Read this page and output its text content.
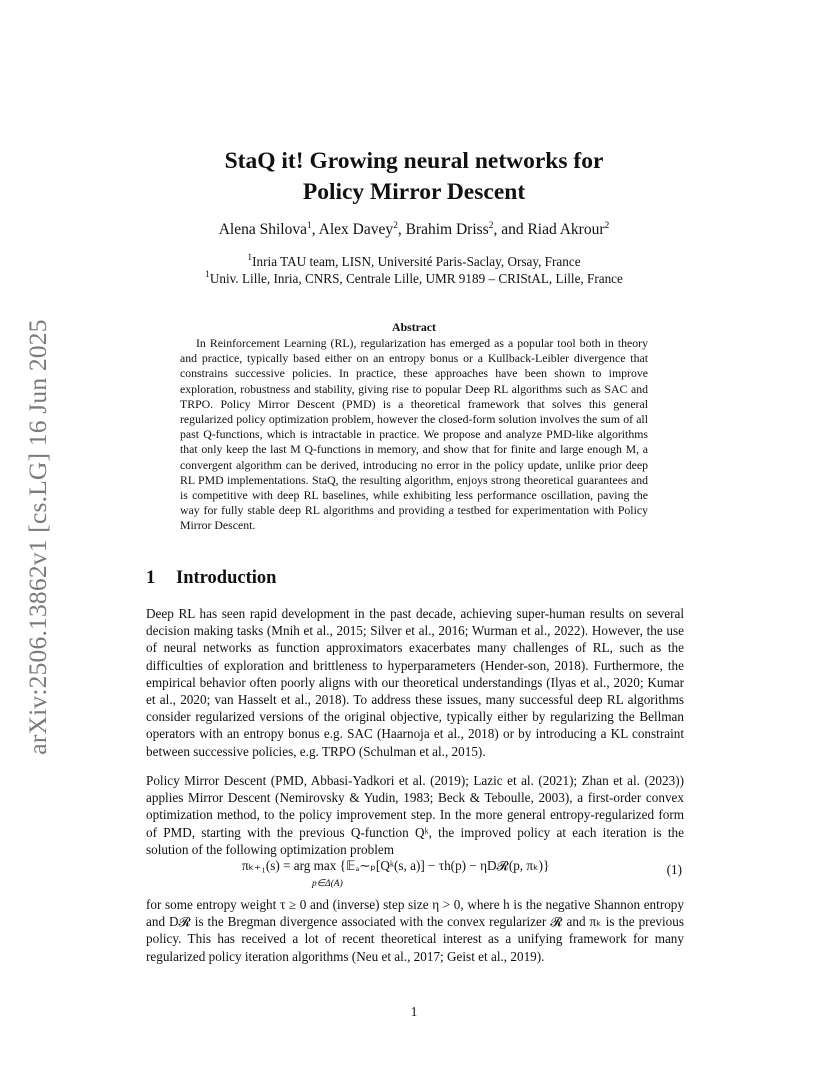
arXiv:2506.13862v1 [cs.LG] 16 Jun 2025
StaQ it! Growing neural networks for
Policy Mirror Descent
Alena Shilova$^1$, Alex Davey$^2$, Brahim Driss$^2$, and Riad Akrour$^2$
$^1$Inria TAU team, LISN, Université Paris-Saclay, Orsay, France
$^1$Univ. Lille, Inria, CNRS, Centrale Lille, UMR 9189 – CRIStAL, Lille, France
Abstract
In Reinforcement Learning (RL), regularization has emerged as a popular tool both in theory and practice, typically based either on an entropy bonus or a Kullback-Leibler divergence that constrains successive policies. In practice, these approaches have been shown to improve exploration, robustness and stability, giving rise to popular Deep RL algorithms such as SAC and TRPO. Policy Mirror Descent (PMD) is a theoretical framework that solves this general regularized policy optimization problem, however the closed-form solution involves the sum of all past Q-functions, which is intractable in practice. We propose and analyze PMD-like algorithms that only keep the last M Q-functions in memory, and show that for finite and large enough M, a convergent algorithm can be derived, introducing no error in the policy update, unlike prior deep RL PMD implementations. StaQ, the resulting algorithm, enjoys strong theoretical guarantees and is competitive with deep RL baselines, while exhibiting less performance oscillation, paving the way for fully stable deep RL algorithms and providing a testbed for experimentation with Policy Mirror Descent.
1 Introduction
Deep RL has seen rapid development in the past decade, achieving super-human results on several decision making tasks (Mnih et al., 2015; Silver et al., 2016; Wurman et al., 2022). However, the use of neural networks as function approximators exacerbates many challenges of RL, such as the difficulties of exploration and brittleness to hyperparameters (Hender-son, 2018). Furthermore, the empirical behavior often poorly aligns with our theoretical understandings (Ilyas et al., 2020; Kumar et al., 2020; van Hasselt et al., 2018). To address these issues, many successful deep RL algorithms consider regularized versions of the original objective, typically either by regularizing the Bellman operators with an entropy bonus e.g. SAC (Haarnoja et al., 2018) or by introducing a KL constraint between successive policies, e.g. TRPO (Schulman et al., 2015).
Policy Mirror Descent (PMD, Abbasi-Yadkori et al. (2019); Lazic et al. (2021); Zhan et al. (2023)) applies Mirror Descent (Nemirovsky & Yudin, 1983; Beck & Teboulle, 2003), a first-order convex optimization method, to the policy improvement step. In the more general entropy-regularized form of PMD, starting with the previous Q-function Qᵏ, the improved policy at each iteration is the solution of the following optimization problem
πₖ₊₁(s) = arg max {𝔼ₐ∼ₚ[Qᵏ(s, a)] − τh(p) − ηD𝓡(p, πₖ)}
p∈Δ(A)
(1)
for some entropy weight τ ≥ 0 and (inverse) step size η > 0, where h is the negative Shannon entropy and D𝓡 is the Bregman divergence associated with the convex regularizer 𝓡 and πₖ is the previous policy. This has received a lot of recent theoretical interest as a unifying framework for many regularized policy iteration algorithms (Neu et al., 2017; Geist et al., 2019).
1
